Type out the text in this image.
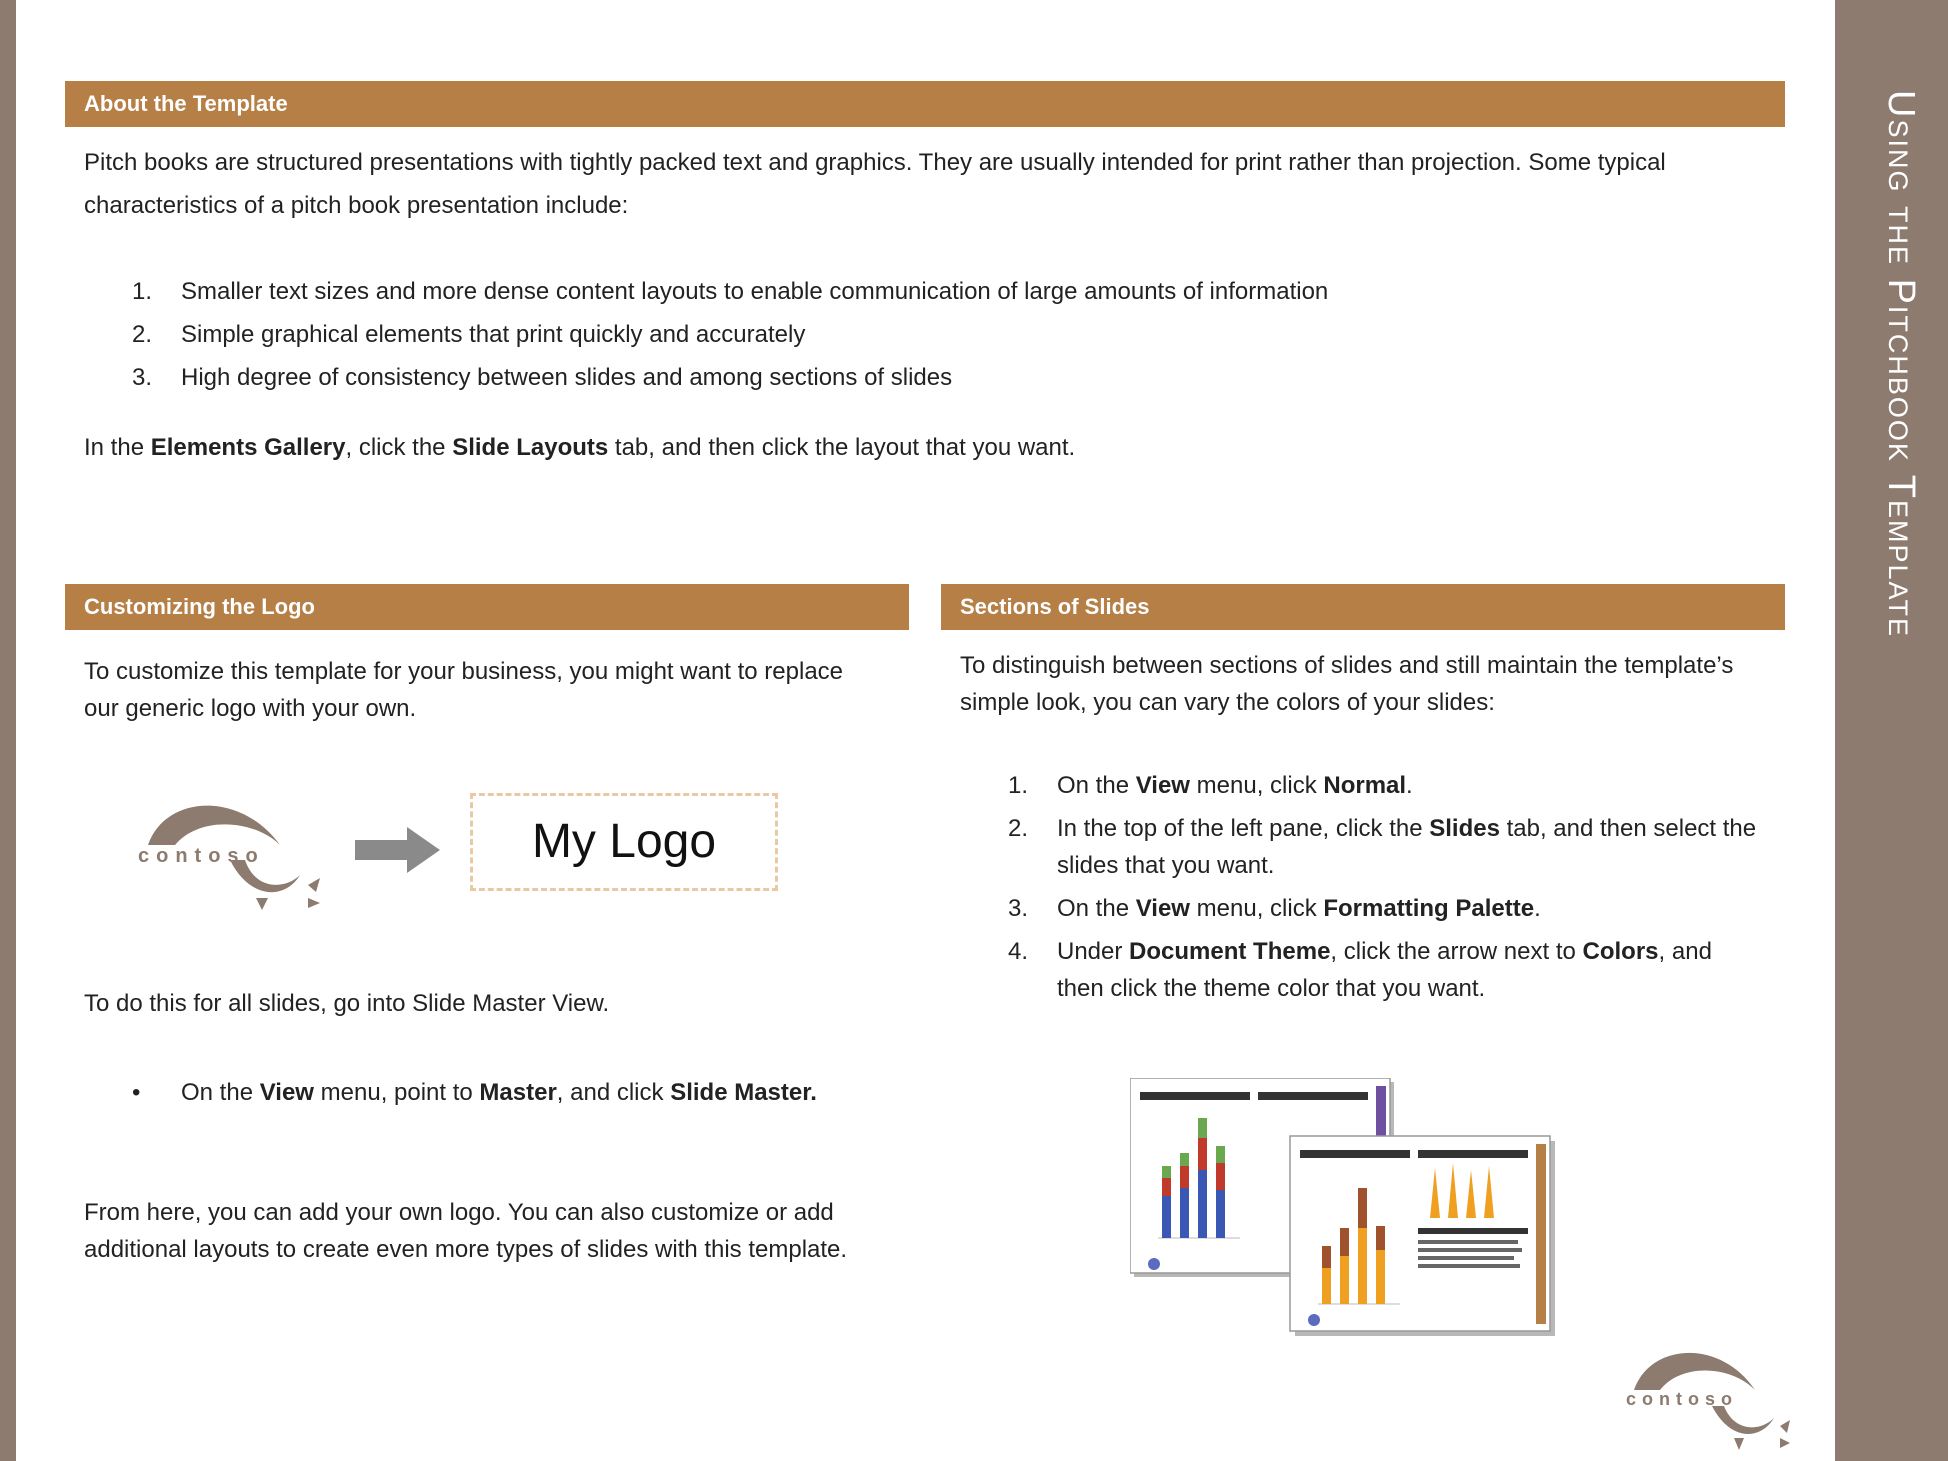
Using the Pitchbook Template
About the Template
Pitch books are structured presentations with tightly packed text and graphics. They are usually intended for print rather than projection. Some typical characteristics of a pitch book presentation include:
1. Smaller text sizes and more dense content layouts to enable communication of large amounts of information
2. Simple graphical elements that print quickly and accurately
3. High degree of consistency between slides and among sections of slides
In the Elements Gallery, click the Slide Layouts tab, and then click the layout that you want.
Customizing the Logo
To customize this template for your business, you might want to replace our generic logo with your own.
contoso	My Logo
To do this for all slides, go into Slide Master View.
• On the View menu, point to Master, and click Slide Master.
From here, you can add your own logo. You can also customize or add additional layouts to create even more types of slides with this template.
Sections of Slides
To distinguish between sections of slides and still maintain the template’s simple look, you can vary the colors of your slides:
1. On the View menu, click Normal.
2. In the top of the left pane, click the Slides tab, and then select the slides that you want.
3. On the View menu, click Formatting Palette.
4. Under Document Theme, click the arrow next to Colors, and then click the theme color that you want.
contoso
